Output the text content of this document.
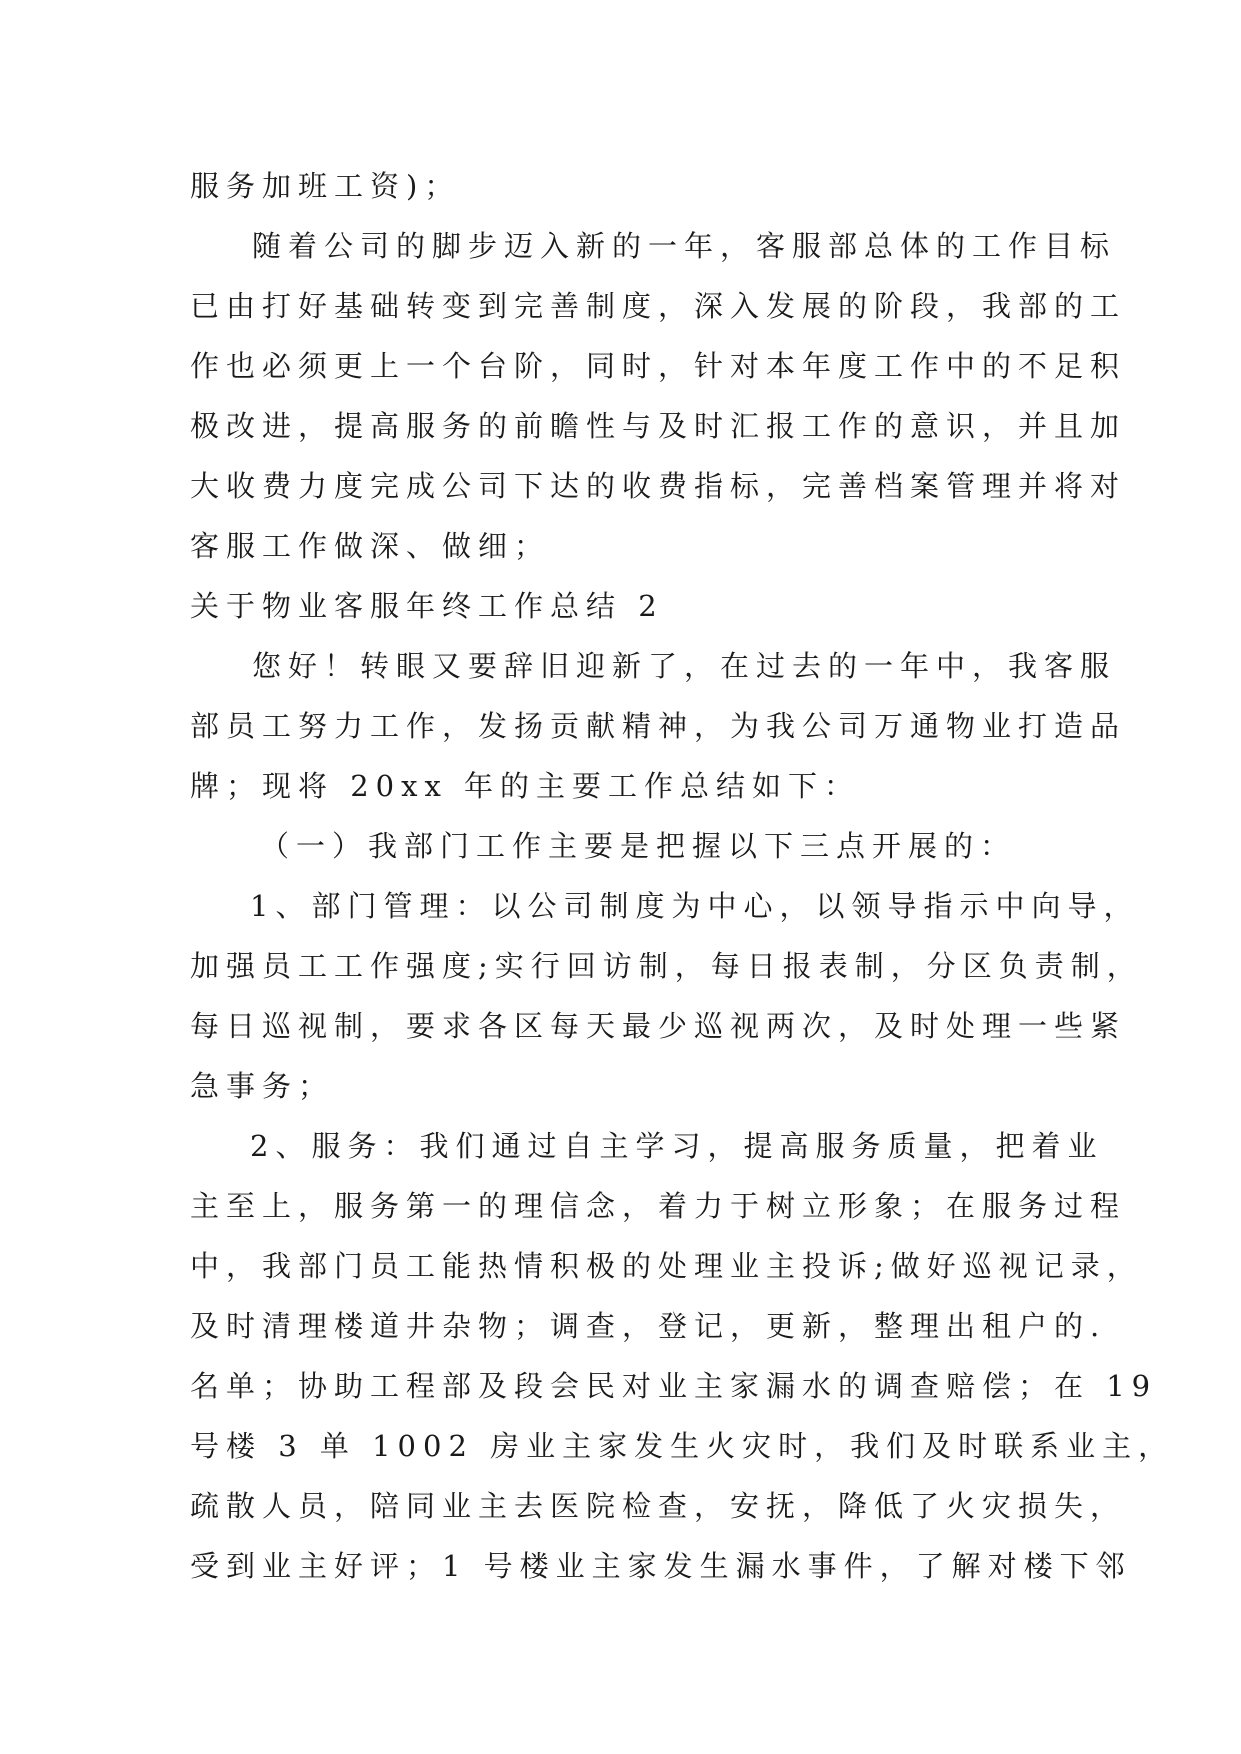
服务加班工资)；
随着公司的脚步迈入新的一年，客服部总体的工作目标
已由打好基础转变到完善制度，深入发展的阶段，我部的工
作也必须更上一个台阶，同时，针对本年度工作中的不足积
极改进，提高服务的前瞻性与及时汇报工作的意识，并且加
大收费力度完成公司下达的收费指标，完善档案管理并将对
客服工作做深、做细；
关于物业客服年终工作总结 2
您好！转眼又要辞旧迎新了，在过去的一年中，我客服
部员工努力工作，发扬贡献精神，为我公司万通物业打造品
牌；现将 20xx 年的主要工作总结如下：
（一）我部门工作主要是把握以下三点开展的：
1、部门管理：以公司制度为中心，以领导指示中向导，
加强员工工作强度;实行回访制，每日报表制，分区负责制，
每日巡视制，要求各区每天最少巡视两次，及时处理一些紧
急事务；
2、服务：我们通过自主学习，提高服务质量，把着业
主至上，服务第一的理信念，着力于树立形象；在服务过程
中，我部门员工能热情积极的处理业主投诉;做好巡视记录，
及时清理楼道井杂物；调查，登记，更新，整理出租户的.
名单；协助工程部及段会民对业主家漏水的调查赔偿；在 19
号楼 3 单 1002 房业主家发生火灾时，我们及时联系业主，
疏散人员，陪同业主去医院检查，安抚，降低了火灾损失，
受到业主好评；1 号楼业主家发生漏水事件，了解对楼下邻
